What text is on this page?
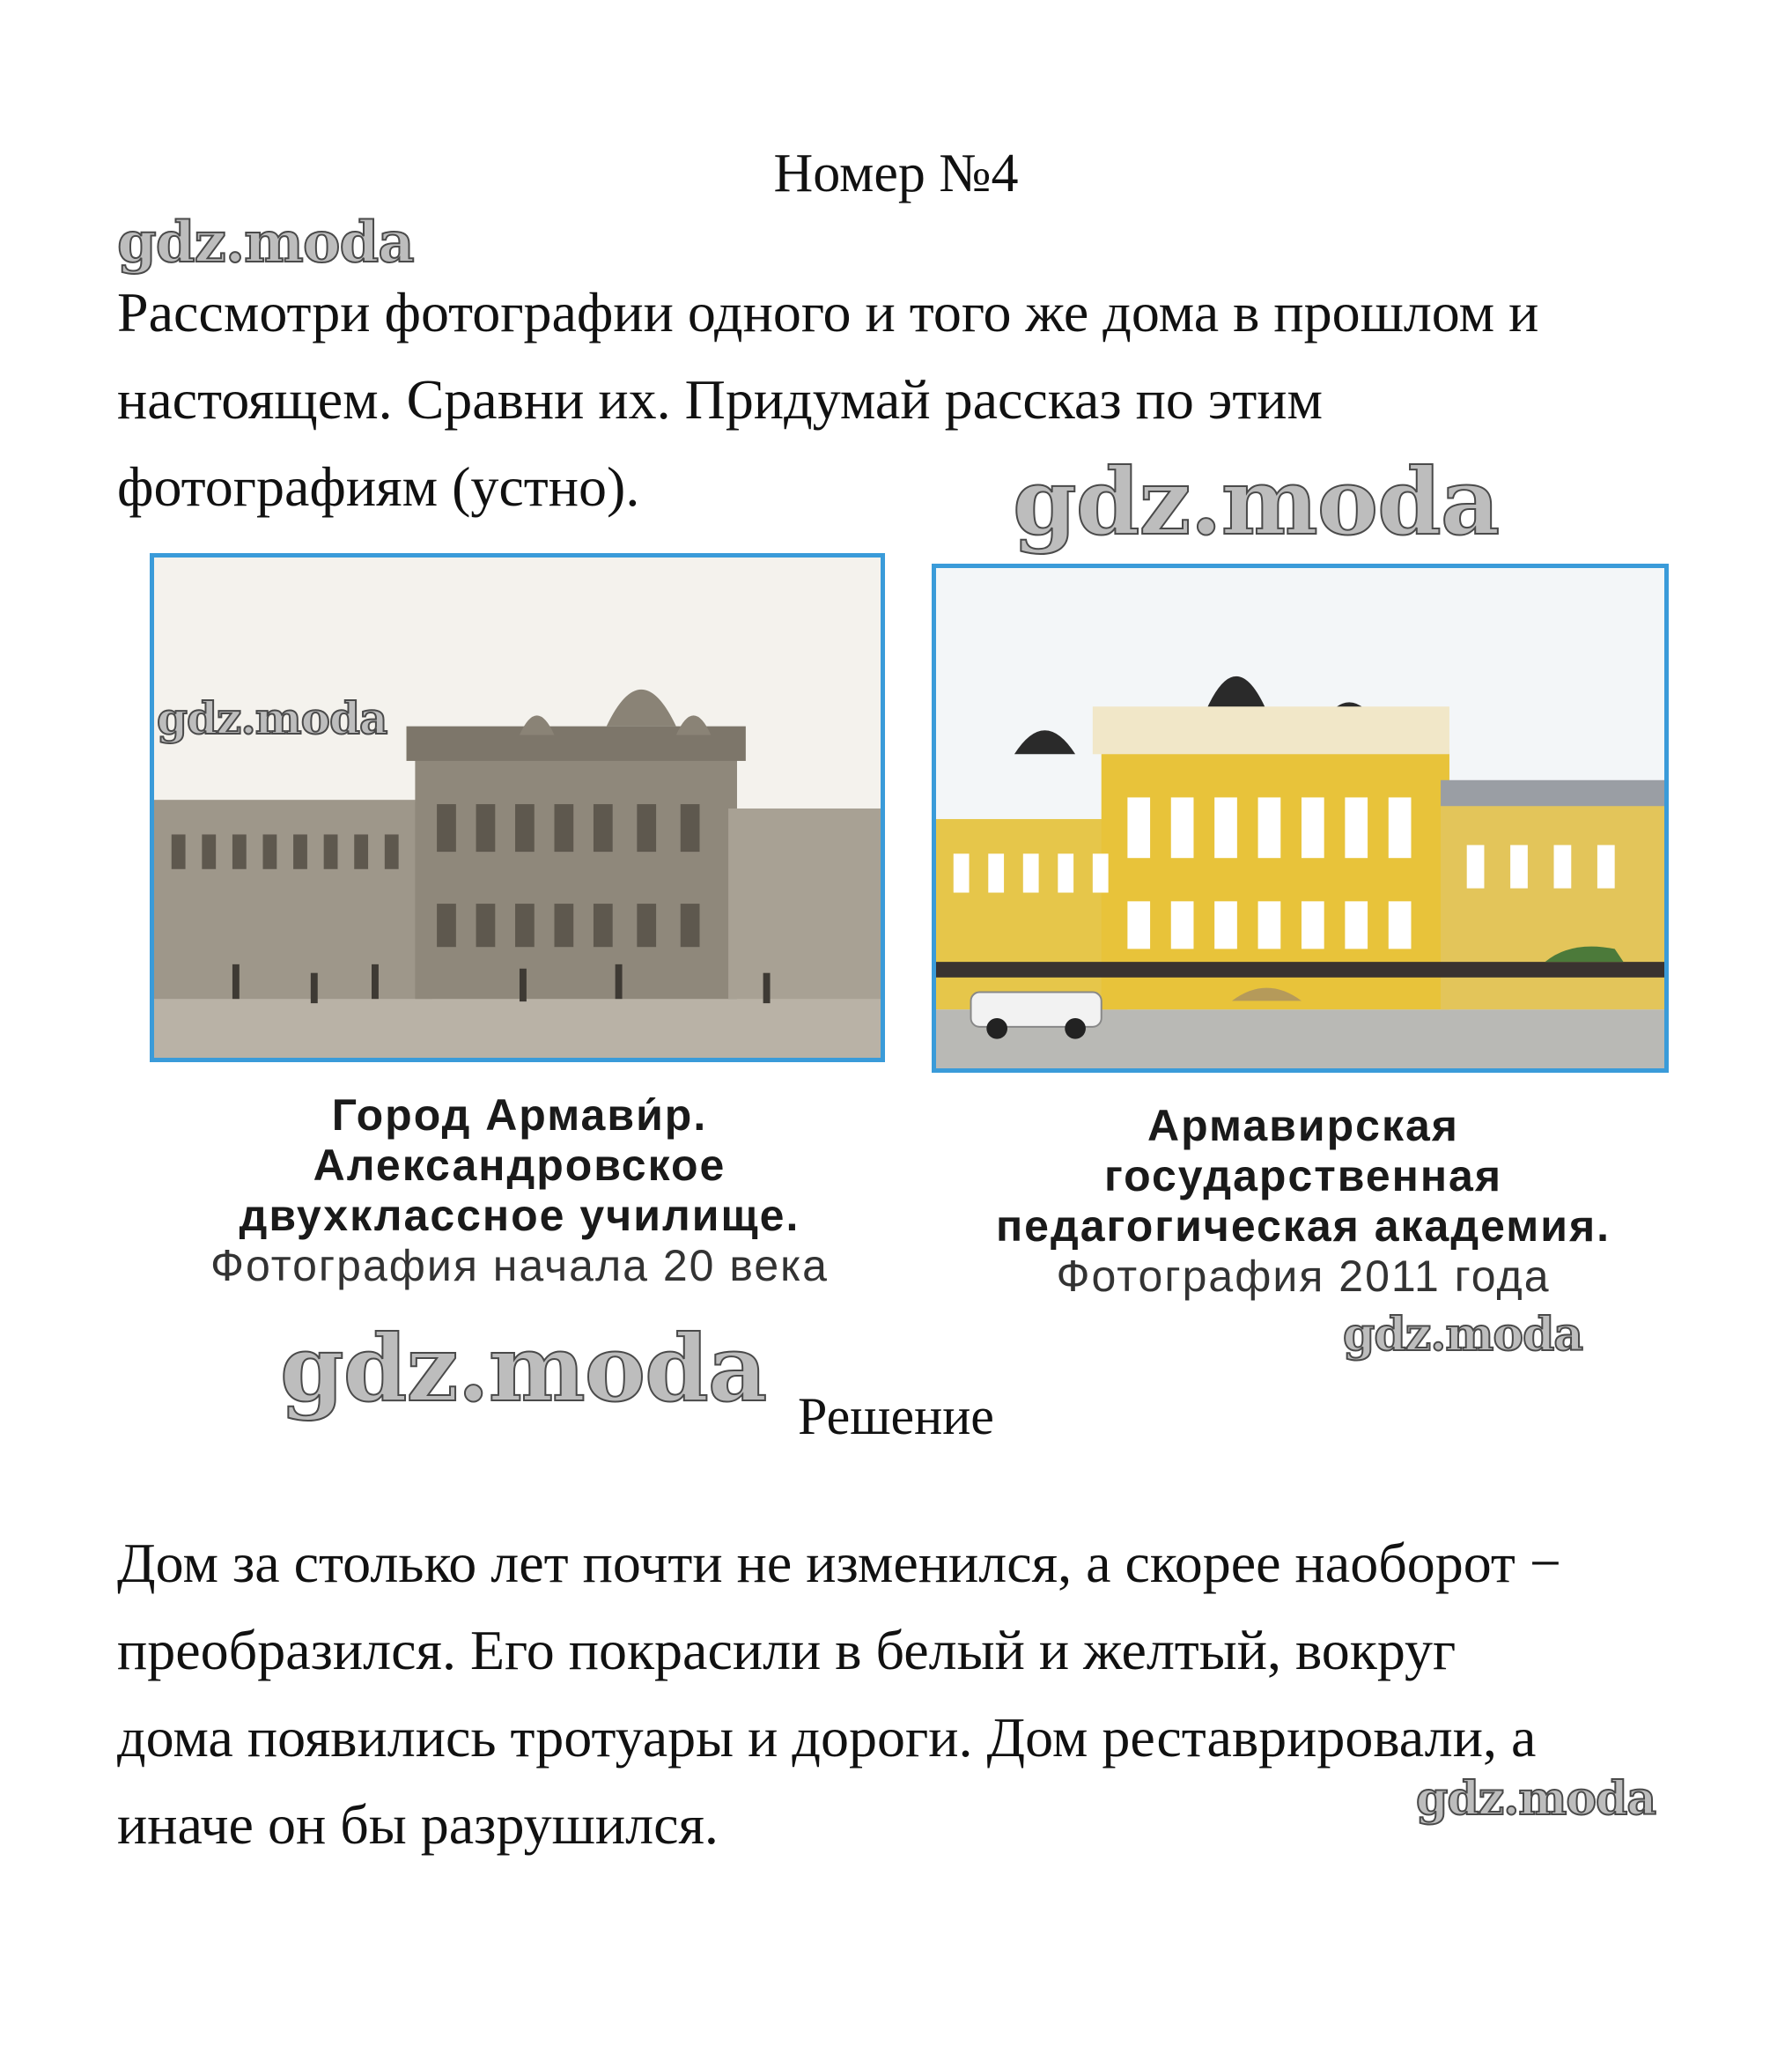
Номер №4
gdz.moda
Рассмотри фотографии одного и того же дома в прошлом и
настоящем. Сравни их. Придумай рассказ по этим
фотографиям (устно).	gdz.moda
Город Армави́р.
Александровское
двухклассное училище.
Фотография начала 20 века
Армавирская
государственная
педагогическая академия.
Фотография 2011 года
gdz.moda
gdz.moda
gdz.moda Решение
Дом за столько лет почти не изменился, а скорее наоборот −
преобразился. Его покрасили в белый и желтый, вокруг
дома появились тротуары и дороги. Дом реставрировали, а
иначе он бы разрушился.	gdz.moda
